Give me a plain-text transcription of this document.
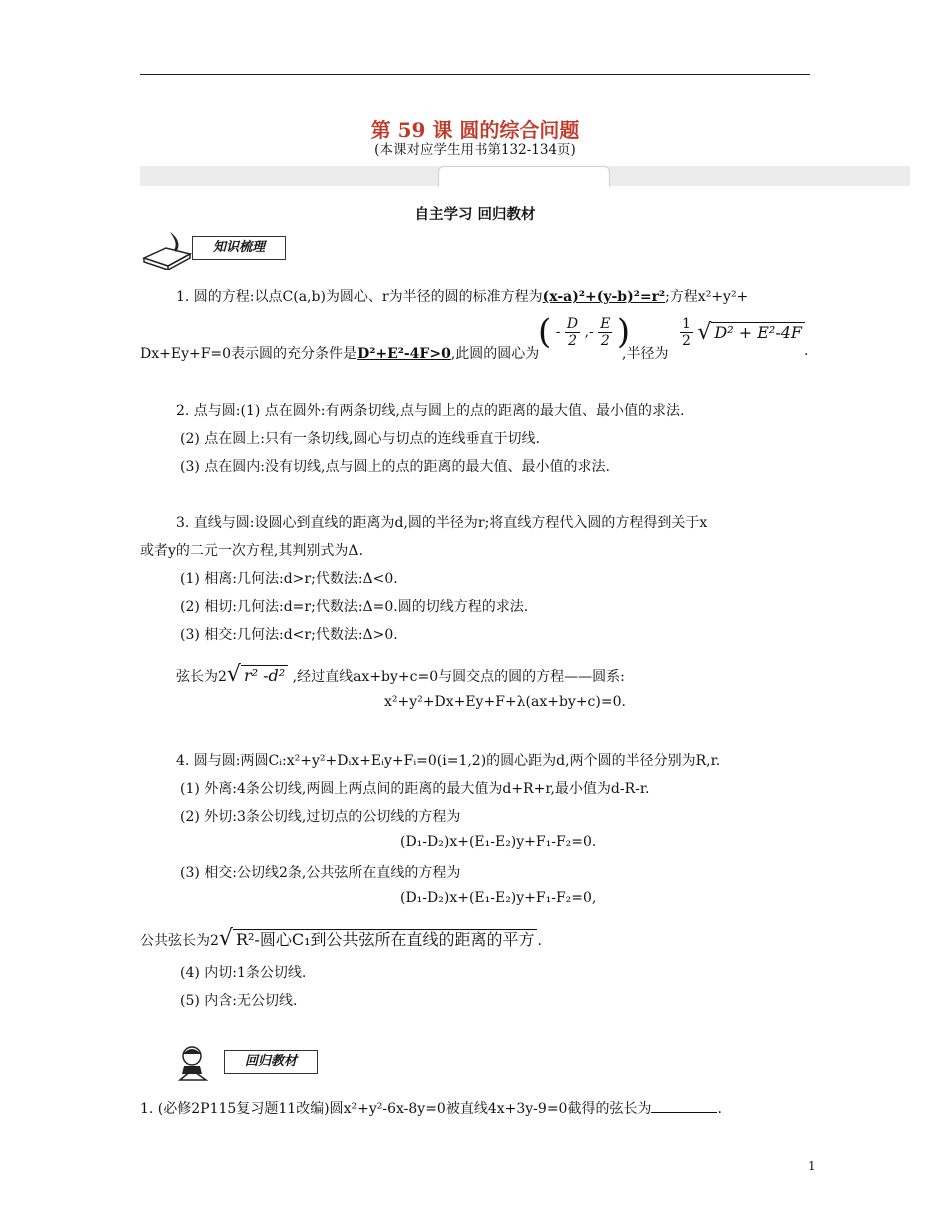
第 59 课 圆的综合问题
(本课对应学生用书第132-134页)
自主学习 回归教材
知识梳理
1. 圆的方程:以点C(a,b)为圆心、r为半径的圆的标准方程为(x-a)²+(y-b)²=r²;方程x²+y²+
Dx+Ey+F=0表示圆的充分条件是D²+E²-4F>0,此圆的圆心为
( - $\frac{D}{2}$ ,- $\frac{E}{2}$ )
,半径为
$\frac{1}{2}$ √ D² + E²-4F
.
2. 点与圆:(1) 点在圆外:有两条切线,点与圆上的点的距离的最大值、最小值的求法.
(2) 点在圆上:只有一条切线,圆心与切点的连线垂直于切线.
(3) 点在圆内:没有切线,点与圆上的点的距离的最大值、最小值的求法.
3. 直线与圆:设圆心到直线的距离为d,圆的半径为r;将直线方程代入圆的方程得到关于x
或者y的二元一次方程,其判别式为Δ.
(1) 相离:几何法:d>r;代数法:Δ<0.
(2) 相切:几何法:d=r;代数法:Δ=0.圆的切线方程的求法.
(3) 相交:几何法:d<r;代数法:Δ>0.
弦长为2√ r² -d² ,经过直线ax+by+c=0与圆交点的圆的方程——圆系:
x²+y²+Dx+Ey+F+λ(ax+by+c)=0.
4. 圆与圆:两圆Cᵢ:x²+y²+Dᵢx+Eᵢy+Fᵢ=0(i=1,2)的圆心距为d,两个圆的半径分别为R,r.
(1) 外离:4条公切线,两圆上两点间的距离的最大值为d+R+r,最小值为d-R-r.
(2) 外切:3条公切线,过切点的公切线的方程为
(D₁-D₂)x+(E₁-E₂)y+F₁-F₂=0.
(3) 相交:公切线2条,公共弦所在直线的方程为
(D₁-D₂)x+(E₁-E₂)y+F₁-F₂=0,
公共弦长为2√ R²-圆心C₁到公共弦所在直线的距离的平方 .
(4) 内切:1条公切线.
(5) 内含:无公切线.
回归教材
1. (必修2P115复习题11改编)圆x²+y²-6x-8y=0被直线4x+3y-9=0截得的弦长为	.
1
